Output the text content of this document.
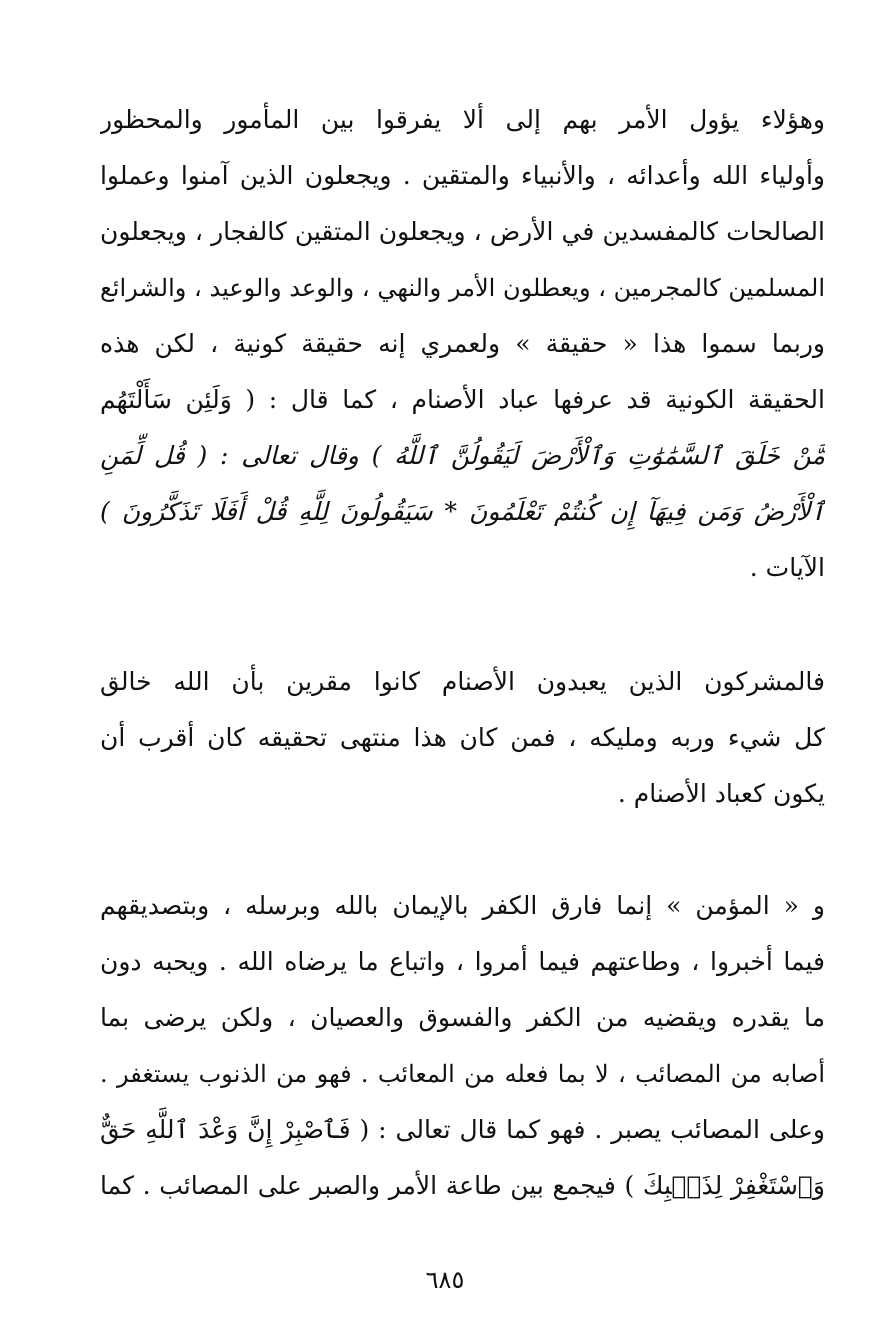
وهؤلاء يؤول الأمر بهم إلى ألا يفرقوا بين المأمور والمحظور
وأولياء الله وأعدائه ، والأنبياء والمتقين . ويجعلون الذين آمنوا وعملوا
الصالحات كالمفسدين في الأرض ، ويجعلون المتقين كالفجار ، ويجعلون
المسلمين كالمجرمين ، ويعطلون الأمر والنهي ، والوعد والوعيد ، والشرائع
وربما سموا هذا « حقيقة » ولعمري إنه حقيقة كونية ، لكن هذه
الحقيقة الكونية قد عرفها عباد الأصنام ، كما قال : ( وَلَئِن سَأَلْتَهُم
مَّنْ خَلَقَ ٱلسَّمَٰوَٰتِ وَٱلْأَرْضَ لَيَقُولُنَّ ٱللَّهُ ) وقال تعالى : ( قُل لِّمَنِ
ٱلْأَرْضُ وَمَن فِيهَآ إِن كُنتُمْ تَعْلَمُونَ * سَيَقُولُونَ لِلَّهِ قُلْ أَفَلَا تَذَكَّرُونَ )
الآيات .
فالمشركون الذين يعبدون الأصنام كانوا مقرين بأن الله خالق
كل شيء وربه ومليكه ، فمن كان هذا منتهى تحقيقه كان أقرب أن
يكون كعباد الأصنام .
و « المؤمن » إنما فارق الكفر بالإيمان بالله وبرسله ، وبتصديقهم
فيما أخبروا ، وطاعتهم فيما أمروا ، واتباع ما يرضاه الله . ويحبه دون
ما يقدره ويقضيه من الكفر والفسوق والعصيان ، ولكن يرضى بما
أصابه من المصائب ، لا بما فعله من المعائب . فهو من الذنوب يستغفر .
وعلى المصائب يصبر . فهو كما قال تعالى : ( فَٱصْبِرْ إِنَّ وَعْدَ ٱللَّهِ حَقٌّ
وَٱسْتَغْفِرْ لِذَنۢبِكَ ) فيجمع بين طاعة الأمر والصبر على المصائب . كما
٦٨٥
